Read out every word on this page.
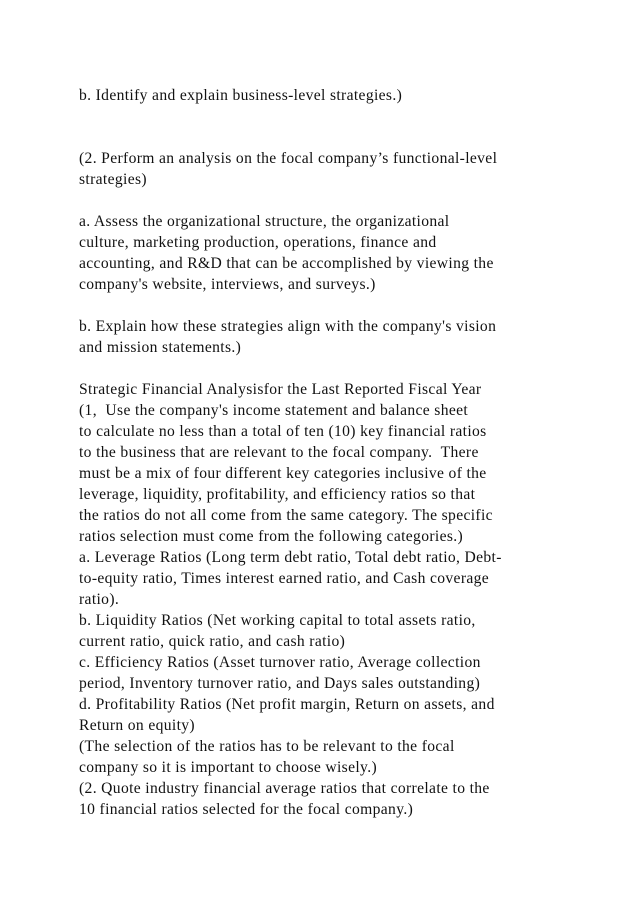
b. Identify and explain business-level strategies.)
(2. Perform an analysis on the focal company’s functional-level
strategies)
a. Assess the organizational structure, the organizational
culture, marketing production, operations, finance and
accounting, and R&D that can be accomplished by viewing the
company's website, interviews, and surveys.)
b. Explain how these strategies align with the company's vision
and mission statements.)
Strategic Financial Analysisfor the Last Reported Fiscal Year
(1,  Use the company's income statement and balance sheet
to calculate no less than a total of ten (10) key financial ratios
to the business that are relevant to the focal company.  There
must be a mix of four different key categories inclusive of the
leverage, liquidity, profitability, and efficiency ratios so that
the ratios do not all come from the same category. The specific
ratios selection must come from the following categories.)
a. Leverage Ratios (Long term debt ratio, Total debt ratio, Debt-
to-equity ratio, Times interest earned ratio, and Cash coverage
ratio).
b. Liquidity Ratios (Net working capital to total assets ratio,
current ratio, quick ratio, and cash ratio)
c. Efficiency Ratios (Asset turnover ratio, Average collection
period, Inventory turnover ratio, and Days sales outstanding)
d. Profitability Ratios (Net profit margin, Return on assets, and
Return on equity)
(The selection of the ratios has to be relevant to the focal
company so it is important to choose wisely.)
(2. Quote industry financial average ratios that correlate to the
10 financial ratios selected for the focal company.)
